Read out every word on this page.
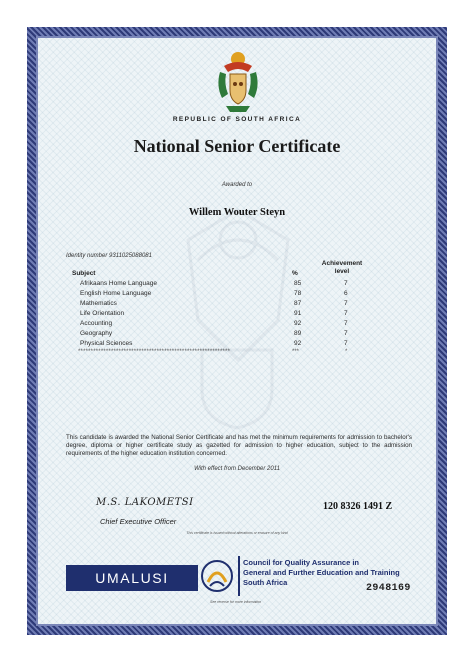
REPUBLIC OF SOUTH AFRICA
National Senior Certificate
Awarded to
Willem Wouter Steyn
Identity number 9311025088081
Achievement level
Subject	%
Afrikaans Home Language	85	7
English Home Language	78	6
Mathematics	87	7
Life Orientation	91	7
Accounting	92	7
Geography	89	7
Physical Sciences	92	7
************************************************************	***	*
This candidate is awarded the National Senior Certificate and has met the minimum requirements for admission to bachelor's degree, diploma or higher certificate study as gazetted for admission to higher education, subject to the admission requirements of the higher education institution concerned.
With effect from December 2011
M.S. LAKOMETSI
Chief Executive Officer
120 8326 1491 Z
This certificate is issued without alterations or erasure of any kind
UMALUSI
Council for Quality Assurance in
General and Further Education and Training
South Africa
2948169
See reverse for more information
